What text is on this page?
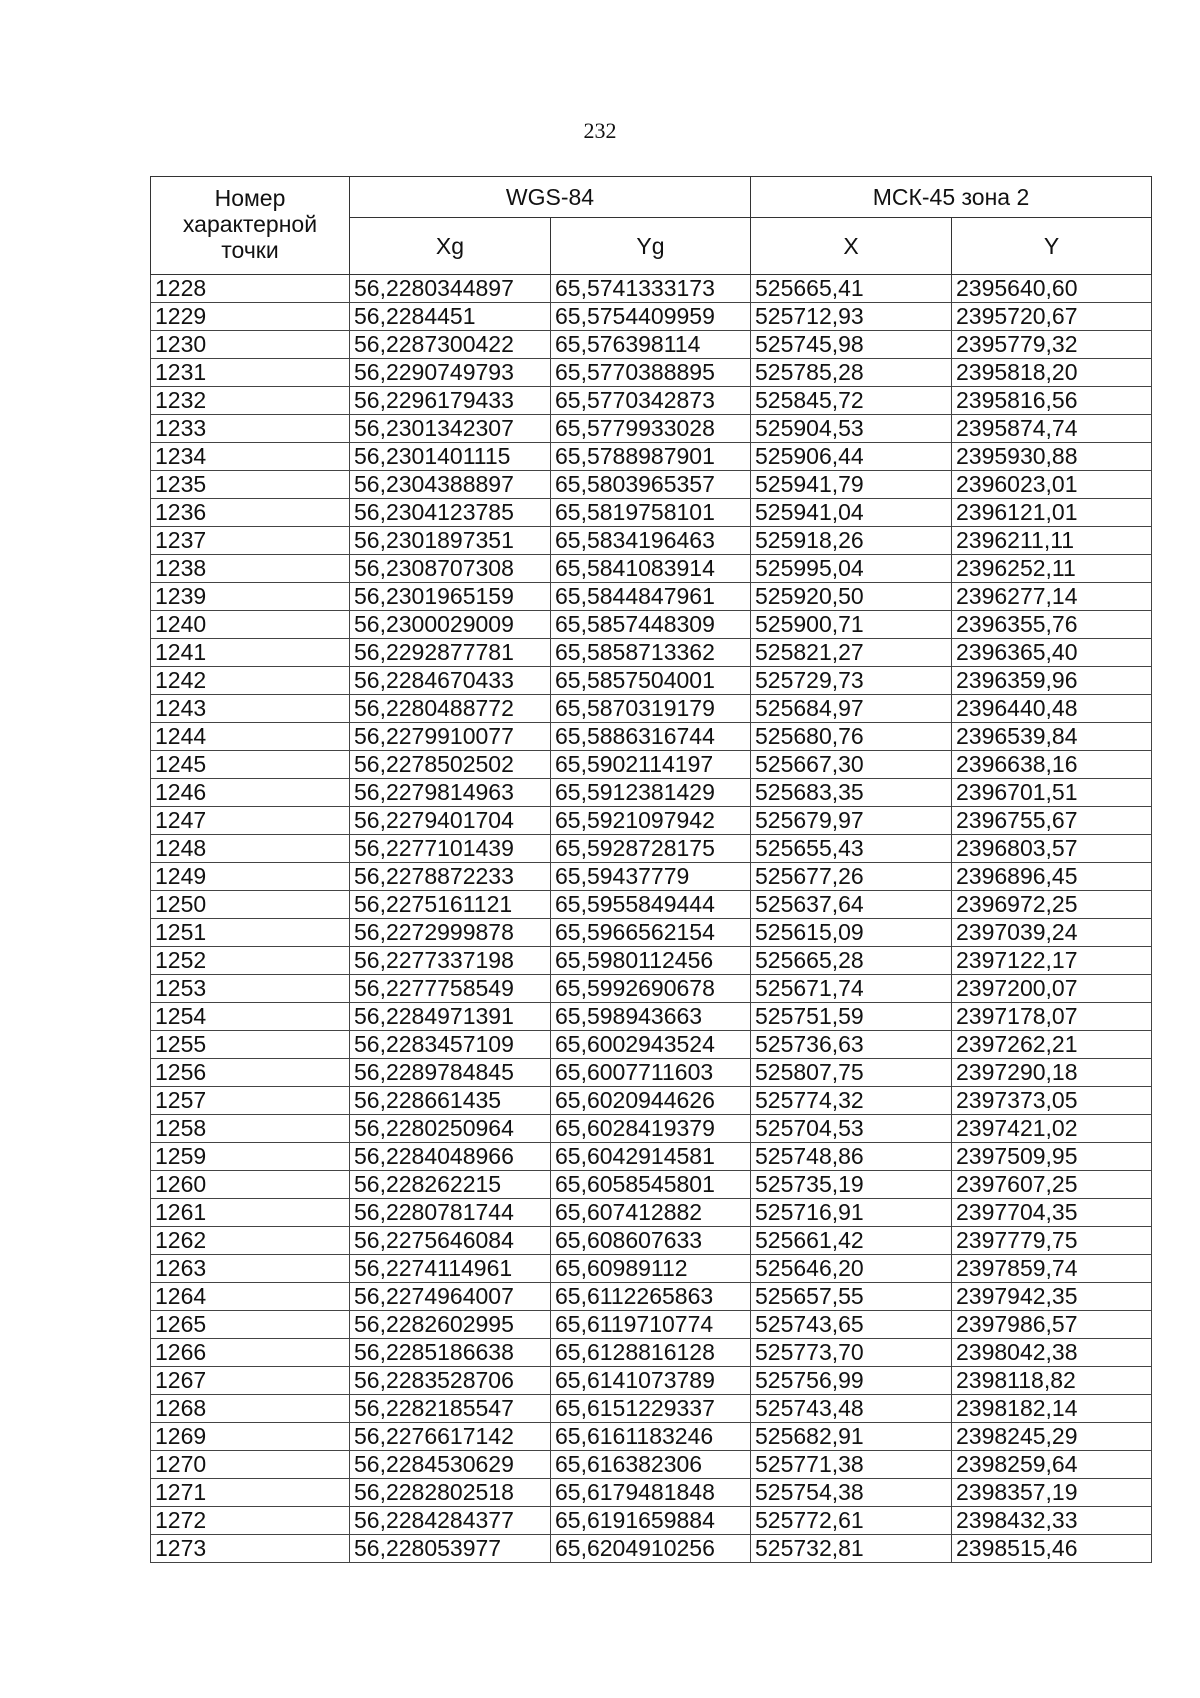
232
Номер характерной точки	WGS-84		МСК-45 зона 2	
	Xg	Yg	X	Y
1228	56,2280344897	65,5741333173	525665,41	2395640,60
1229	56,2284451	65,5754409959	525712,93	2395720,67
1230	56,2287300422	65,576398114	525745,98	2395779,32
1231	56,2290749793	65,5770388895	525785,28	2395818,20
1232	56,2296179433	65,5770342873	525845,72	2395816,56
1233	56,2301342307	65,5779933028	525904,53	2395874,74
1234	56,2301401115	65,5788987901	525906,44	2395930,88
1235	56,2304388897	65,5803965357	525941,79	2396023,01
1236	56,2304123785	65,5819758101	525941,04	2396121,01
1237	56,2301897351	65,5834196463	525918,26	2396211,11
1238	56,2308707308	65,5841083914	525995,04	2396252,11
1239	56,2301965159	65,5844847961	525920,50	2396277,14
1240	56,2300029009	65,5857448309	525900,71	2396355,76
1241	56,2292877781	65,5858713362	525821,27	2396365,40
1242	56,2284670433	65,5857504001	525729,73	2396359,96
1243	56,2280488772	65,5870319179	525684,97	2396440,48
1244	56,2279910077	65,5886316744	525680,76	2396539,84
1245	56,2278502502	65,5902114197	525667,30	2396638,16
1246	56,2279814963	65,5912381429	525683,35	2396701,51
1247	56,2279401704	65,5921097942	525679,97	2396755,67
1248	56,2277101439	65,5928728175	525655,43	2396803,57
1249	56,2278872233	65,59437779	525677,26	2396896,45
1250	56,2275161121	65,5955849444	525637,64	2396972,25
1251	56,2272999878	65,5966562154	525615,09	2397039,24
1252	56,2277337198	65,5980112456	525665,28	2397122,17
1253	56,2277758549	65,5992690678	525671,74	2397200,07
1254	56,2284971391	65,598943663	525751,59	2397178,07
1255	56,2283457109	65,6002943524	525736,63	2397262,21
1256	56,2289784845	65,6007711603	525807,75	2397290,18
1257	56,228661435	65,6020944626	525774,32	2397373,05
1258	56,2280250964	65,6028419379	525704,53	2397421,02
1259	56,2284048966	65,6042914581	525748,86	2397509,95
1260	56,228262215	65,6058545801	525735,19	2397607,25
1261	56,2280781744	65,607412882	525716,91	2397704,35
1262	56,2275646084	65,608607633	525661,42	2397779,75
1263	56,2274114961	65,60989112	525646,20	2397859,74
1264	56,2274964007	65,6112265863	525657,55	2397942,35
1265	56,2282602995	65,6119710774	525743,65	2397986,57
1266	56,2285186638	65,6128816128	525773,70	2398042,38
1267	56,2283528706	65,6141073789	525756,99	2398118,82
1268	56,2282185547	65,6151229337	525743,48	2398182,14
1269	56,2276617142	65,6161183246	525682,91	2398245,29
1270	56,2284530629	65,616382306	525771,38	2398259,64
1271	56,2282802518	65,6179481848	525754,38	2398357,19
1272	56,2284284377	65,6191659884	525772,61	2398432,33
1273	56,228053977	65,6204910256	525732,81	2398515,46
